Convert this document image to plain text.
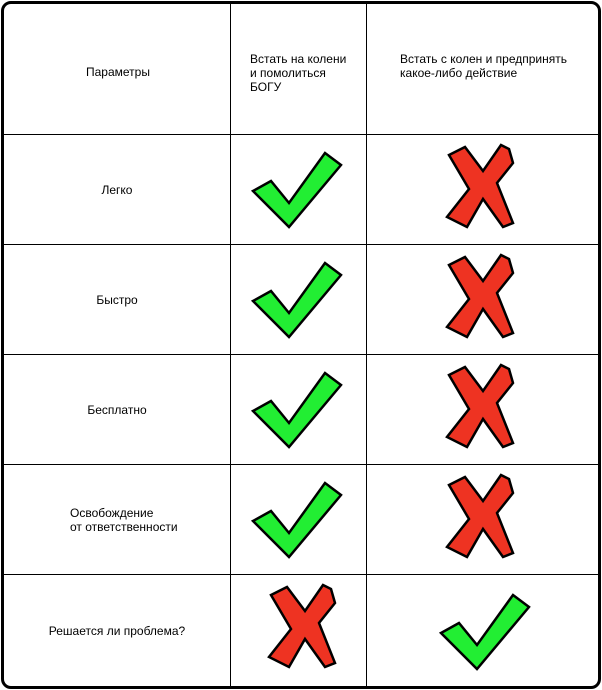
Параметры
Встать на колени
и помолиться
БОГУ
Встать с колен и предпринять
какое-либо действие
Легко
Быстро
Бесплатно
Освобождение
от ответственности
Решается ли проблема?
